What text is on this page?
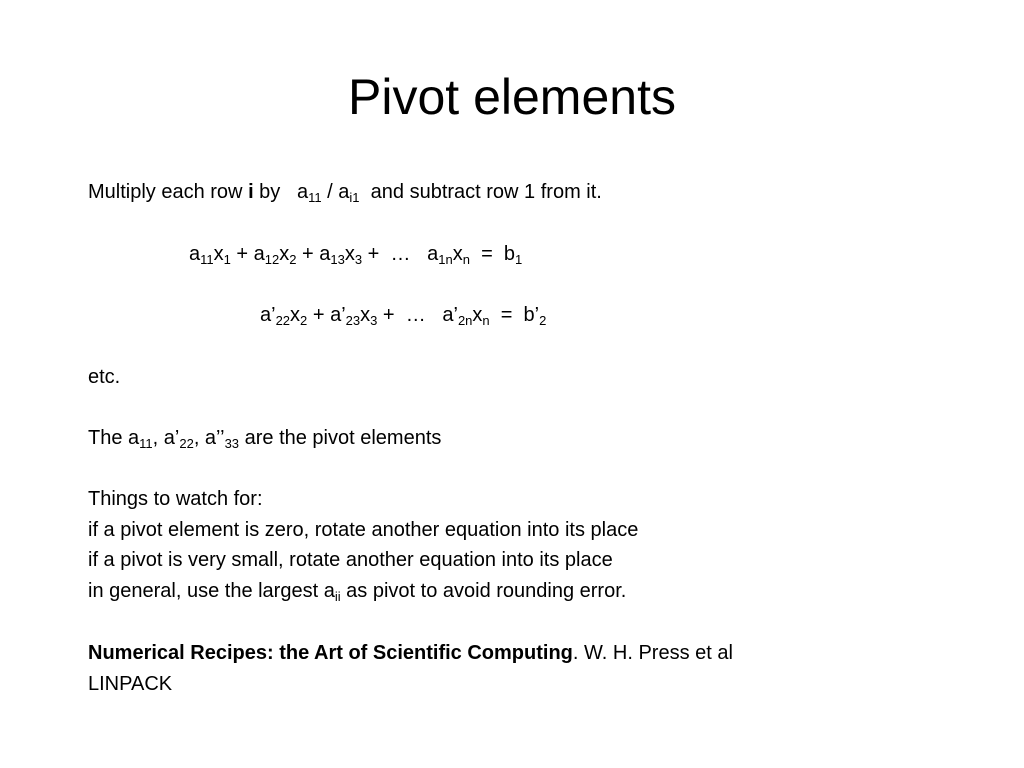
Pivot elements
Multiply each row i by   $a_{11} / a_{i1}$  and subtract row 1 from it.
$a_{11}x_1 + a_{12}x_2 + a_{13}x_3$ +  …   $a_{1n}x_n = b_1$
$a’_{22}x_2$ + $a’_{23}x_3$ +  …   $a’_{2n}x_n$  =  $b’_2$
etc.
The $a_{11}$, $a’_{22}$, $a’’_{33}$ are the pivot elements
Things to watch for:
if a pivot element is zero, rotate another equation into its place
if a pivot is very small, rotate another equation into its place
in general, use the largest $a_{ii}$ as pivot to avoid rounding error.
Numerical Recipes: the Art of Scientific Computing. W. H. Press et al
LINPACK
